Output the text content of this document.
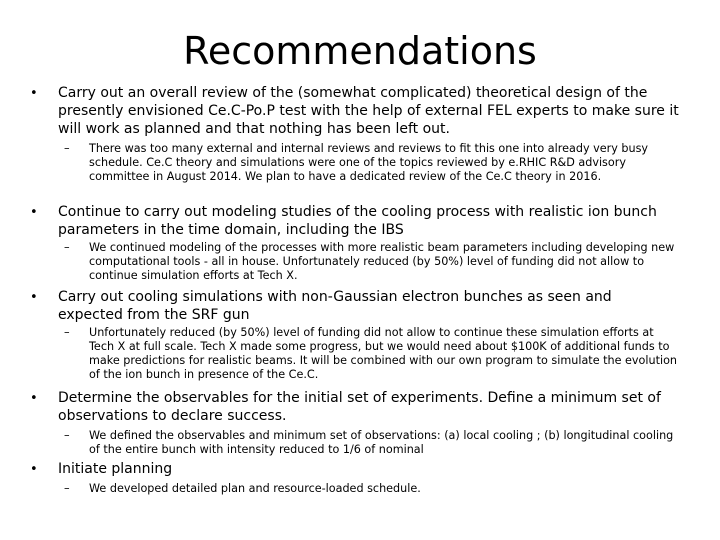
Recommendations
• Carry out an overall review of the (somewhat complicated) theoretical design of the presently envisioned Ce.C-Po.P test with the help of external FEL experts to make sure it will work as planned and that nothing has been left out.
– There was too many external and internal reviews and reviews to fit this one into already very busy schedule. Ce.C theory and simulations were one of the topics reviewed by e.RHIC R&D advisory committee in August 2014. We plan to have a dedicated review of the Ce.C theory in 2016.
• Continue to carry out modeling studies of the cooling process with realistic ion bunch parameters in the time domain, including the IBS
– We continued modeling of the processes with more realistic beam parameters including developing new computational tools - all in house. Unfortunately reduced (by 50%) level of funding did not allow to continue simulation efforts at Tech X.
• Carry out cooling simulations with non-Gaussian electron bunches as seen and expected from the SRF gun
– Unfortunately reduced (by 50%) level of funding did not allow to continue these simulation efforts at Tech X at full scale. Tech X made some progress, but we would need about $100K of additional funds to make predictions for realistic beams. It will be combined with our own program to simulate the evolution of the ion bunch in presence of the Ce.C.
• Determine the observables for the initial set of experiments. Define a minimum set of observations to declare success.
– We defined the observables and minimum set of observations: (a) local cooling ; (b) longitudinal cooling of the entire bunch with intensity reduced to 1/6 of nominal
• Initiate planning
– We developed detailed plan and resource-loaded schedule.
